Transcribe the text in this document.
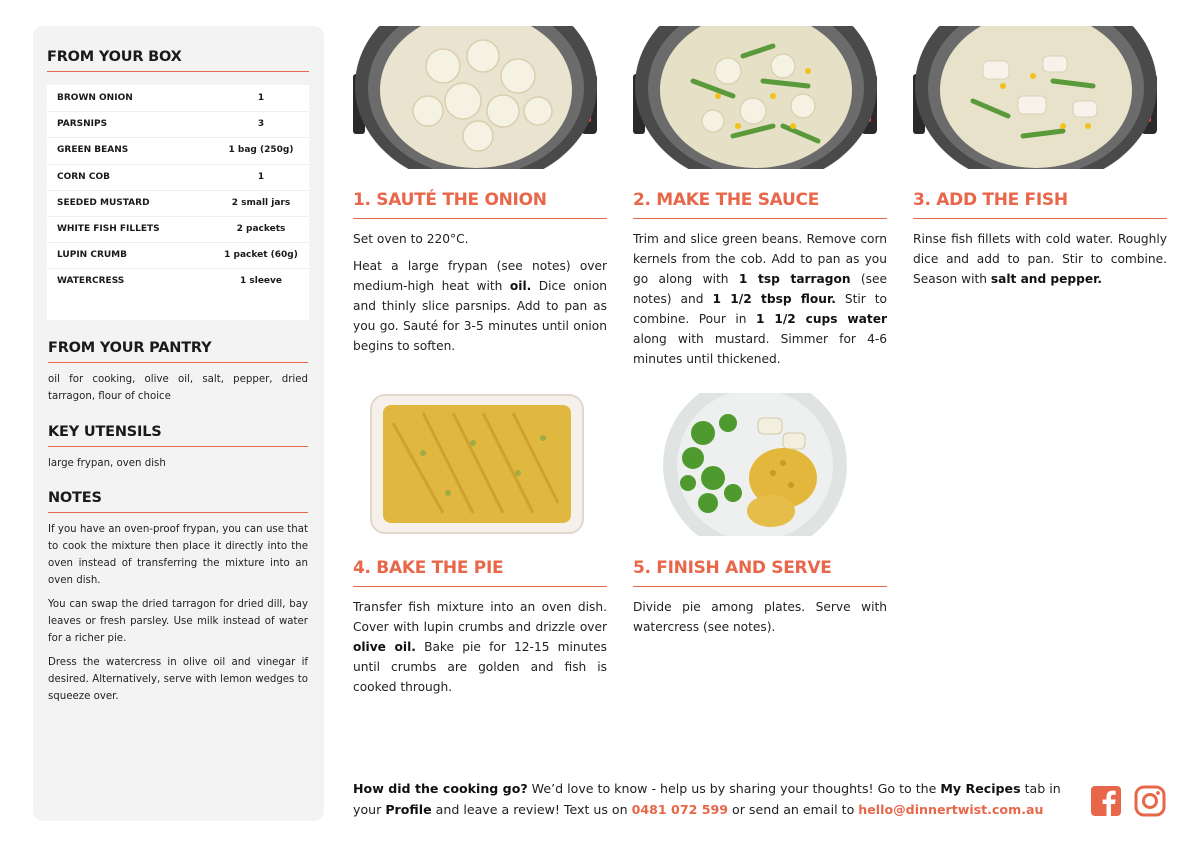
FROM YOUR BOX
BROWN ONION	1
PARSNIPS	3
GREEN BEANS	1 bag (250g)
CORN COB	1
SEEDED MUSTARD	2 small jars
WHITE FISH FILLETS	2 packets
LUPIN CRUMB	1 packet (60g)
WATERCRESS	1 sleeve
FROM YOUR PANTRY
oil for cooking, olive oil, salt, pepper, dried tarragon, flour of choice
KEY UTENSILS
large frypan, oven dish
NOTES

If you have an oven-proof frypan, you can use that to cook the mixture then place it directly into the oven instead of transferring the mixture into an oven dish.

You can swap the dried tarragon for dried dill, bay leaves or fresh parsley. Use milk instead of water for a richer pie.

Dress the watercress in olive oil and vinegar if desired. Alternatively, serve with lemon wedges to squeeze over.

1. SAUTÉ THE ONION

Set oven to 220°C.

Heat a large frypan (see notes) over medium-high heat with oil. Dice onion and thinly slice parsnips. Add to pan as you go. Sauté for 3-5 minutes until onion begins to soften.

2. MAKE THE SAUCE

Trim and slice green beans. Remove corn kernels from the cob. Add to pan as you go along with 1 tsp tarragon (see notes) and 1 1/2 tbsp flour. Stir to combine. Pour in 1 1/2 cups water along with mustard. Simmer for 4-6 minutes until thickened.

3. ADD THE FISH

Rinse fish fillets with cold water. Roughly dice and add to pan. Stir to combine. Season with salt and pepper.

4. BAKE THE PIE

Transfer fish mixture into an oven dish. Cover with lupin crumbs and drizzle over olive oil. Bake pie for 12-15 minutes until crumbs are golden and fish is cooked through.

5. FINISH AND SERVE

Divide pie among plates. Serve with watercress (see notes).

How did the cooking go? We’d love to know - help us by sharing your thoughts! Go to the My Recipes tab in your Profile and leave a review! Text us on 0481 072 599 or send an email to hello@dinnertwist.com.au
